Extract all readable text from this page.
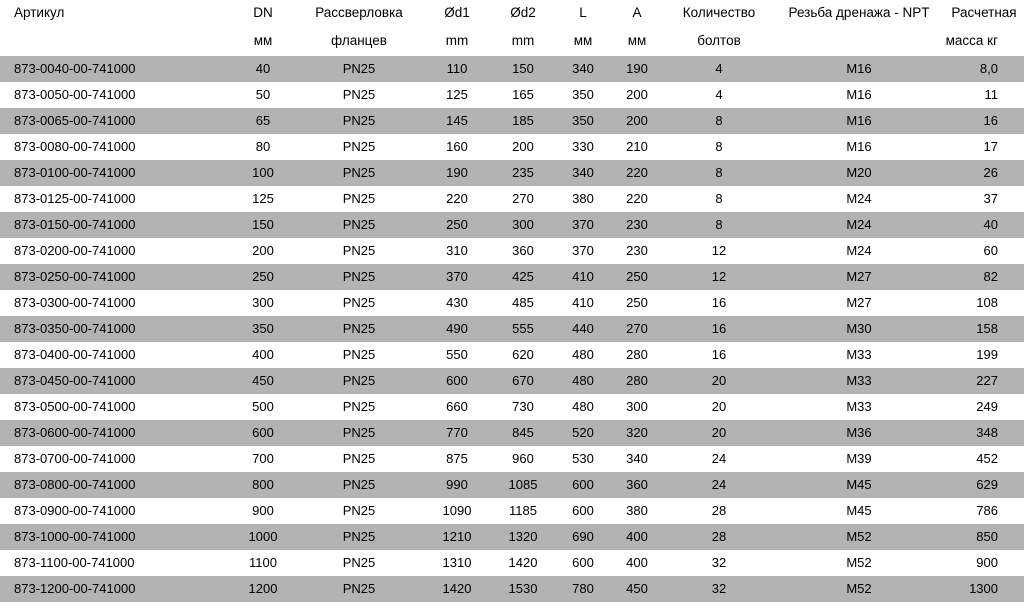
Артикул	DN	Рассверловка	Ød1	Ød2	L	A	Количество	Резьба дренажа - NPT	Расчетная
	мм	фланцев	mm	mm	мм	мм	болтов		масса кг
873-0040-00-741000	40	PN25	110	150	340	190	4	M16	8,0
873-0050-00-741000	50	PN25	125	165	350	200	4	M16	11
873-0065-00-741000	65	PN25	145	185	350	200	8	M16	16
873-0080-00-741000	80	PN25	160	200	330	210	8	M16	17
873-0100-00-741000	100	PN25	190	235	340	220	8	M20	26
873-0125-00-741000	125	PN25	220	270	380	220	8	M24	37
873-0150-00-741000	150	PN25	250	300	370	230	8	M24	40
873-0200-00-741000	200	PN25	310	360	370	230	12	M24	60
873-0250-00-741000	250	PN25	370	425	410	250	12	M27	82
873-0300-00-741000	300	PN25	430	485	410	250	16	M27	108
873-0350-00-741000	350	PN25	490	555	440	270	16	M30	158
873-0400-00-741000	400	PN25	550	620	480	280	16	M33	199
873-0450-00-741000	450	PN25	600	670	480	280	20	M33	227
873-0500-00-741000	500	PN25	660	730	480	300	20	M33	249
873-0600-00-741000	600	PN25	770	845	520	320	20	M36	348
873-0700-00-741000	700	PN25	875	960	530	340	24	M39	452
873-0800-00-741000	800	PN25	990	1085	600	360	24	M45	629
873-0900-00-741000	900	PN25	1090	1185	600	380	28	M45	786
873-1000-00-741000	1000	PN25	1210	1320	690	400	28	M52	850
873-1100-00-741000	1100	PN25	1310	1420	600	400	32	M52	900
873-1200-00-741000	1200	PN25	1420	1530	780	450	32	M52	1300
